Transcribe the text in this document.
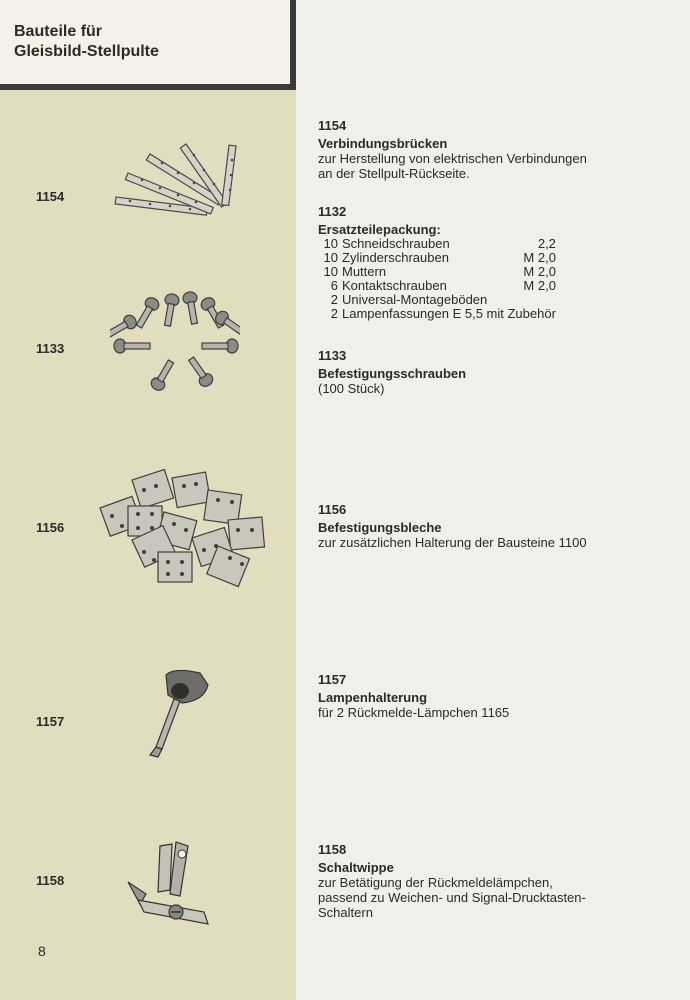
Bauteile für
Gleisbild-Stellpulte
1154
1133
1156
1157
1158
1154
Verbindungsbrücken
zur Herstellung von elektrischen Verbindungen
an der Stellpult-Rückseite.
1132
Ersatzteilepackung:
10	Schneidschrauben	2,2
10	Zylinderschrauben	M 2,0
10	Muttern	M 2,0
6	Kontaktschrauben	M 2,0
2	Universal-Montageböden	
2	Lampenfassungen E 5,5 mit Zubehör	
1133
Befestigungsschrauben
(100 Stück)
1156
Befestigungsbleche
zur zusätzlichen Halterung der Bausteine 1100
1157
Lampenhalterung
für 2 Rückmelde-Lämpchen 1165
1158
Schaltwippe
zur Betätigung der Rückmeldelämpchen,
passend zu Weichen- und Signal-Drucktasten-
Schaltern
8
